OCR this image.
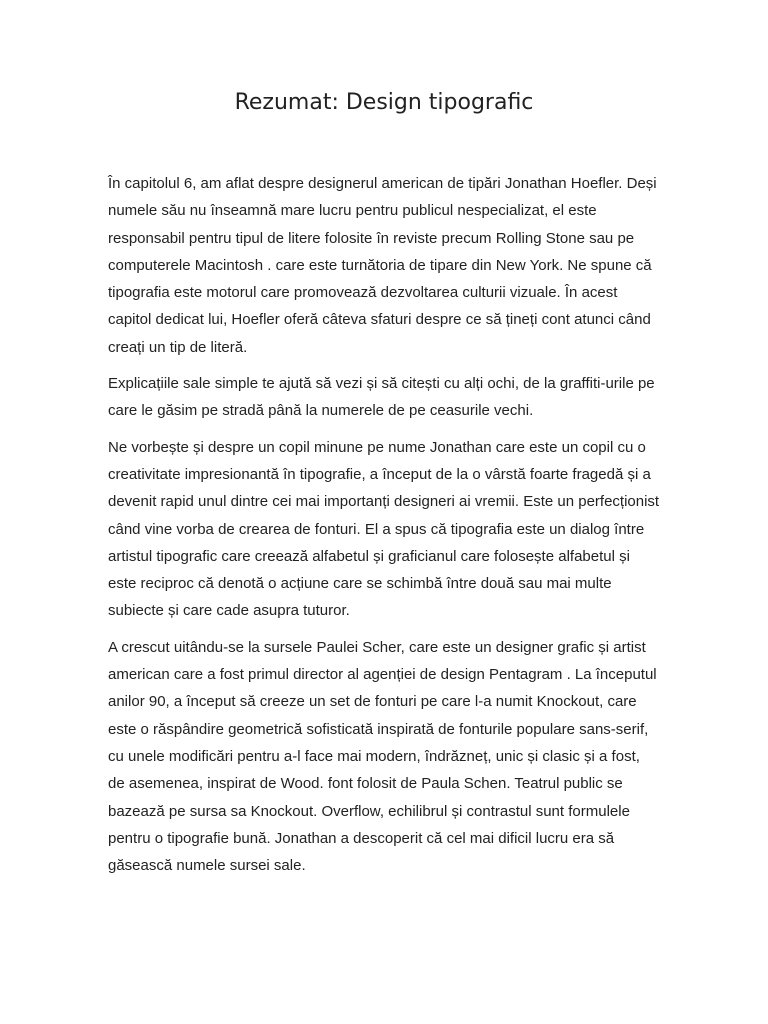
Rezumat: Design tipografic

În capitolul 6, am aflat despre designerul american de tipări Jonathan Hoefler. Deși
numele său nu înseamnă mare lucru pentru publicul nespecializat, el este
responsabil pentru tipul de litere folosite în reviste precum Rolling Stone sau pe
computerele Macintosh . care este turnătoria de tipare din New York. Ne spune că
tipografia este motorul care promovează dezvoltarea culturii vizuale. În acest
capitol dedicat lui, Hoefler oferă câteva sfaturi despre ce să țineți cont atunci când
creați un tip de literă.

Explicațiile sale simple te ajută să vezi și să citești cu alți ochi, de la graffiti-urile pe
care le găsim pe stradă până la numerele de pe ceasurile vechi.

Ne vorbește și despre un copil minune pe nume Jonathan care este un copil cu o
creativitate impresionantă în tipografie, a început de la o vârstă foarte fragedă și a
devenit rapid unul dintre cei mai importanți designeri ai vremii. Este un perfecționist
când vine vorba de crearea de fonturi. El a spus că tipografia este un dialog între
artistul tipografic care creează alfabetul și graficianul care folosește alfabetul și
este reciproc că denotă o acțiune care se schimbă între două sau mai multe
subiecte și care cade asupra tuturor.

A crescut uitându-se la sursele Paulei Scher, care este un designer grafic și artist
american care a fost primul director al agenției de design Pentagram . La începutul
anilor 90, a început să creeze un set de fonturi pe care l-a numit Knockout, care
este o răspândire geometrică sofisticată inspirată de fonturile populare sans-serif,
cu unele modificări pentru a-l face mai modern, îndrăzneț, unic și clasic și a fost,
de asemenea, inspirat de Wood. font folosit de Paula Schen. Teatrul public se
bazează pe sursa sa Knockout. Overflow, echilibrul și contrastul sunt formulele
pentru o tipografie bună. Jonathan a descoperit că cel mai dificil lucru era să
găsească numele sursei sale.
